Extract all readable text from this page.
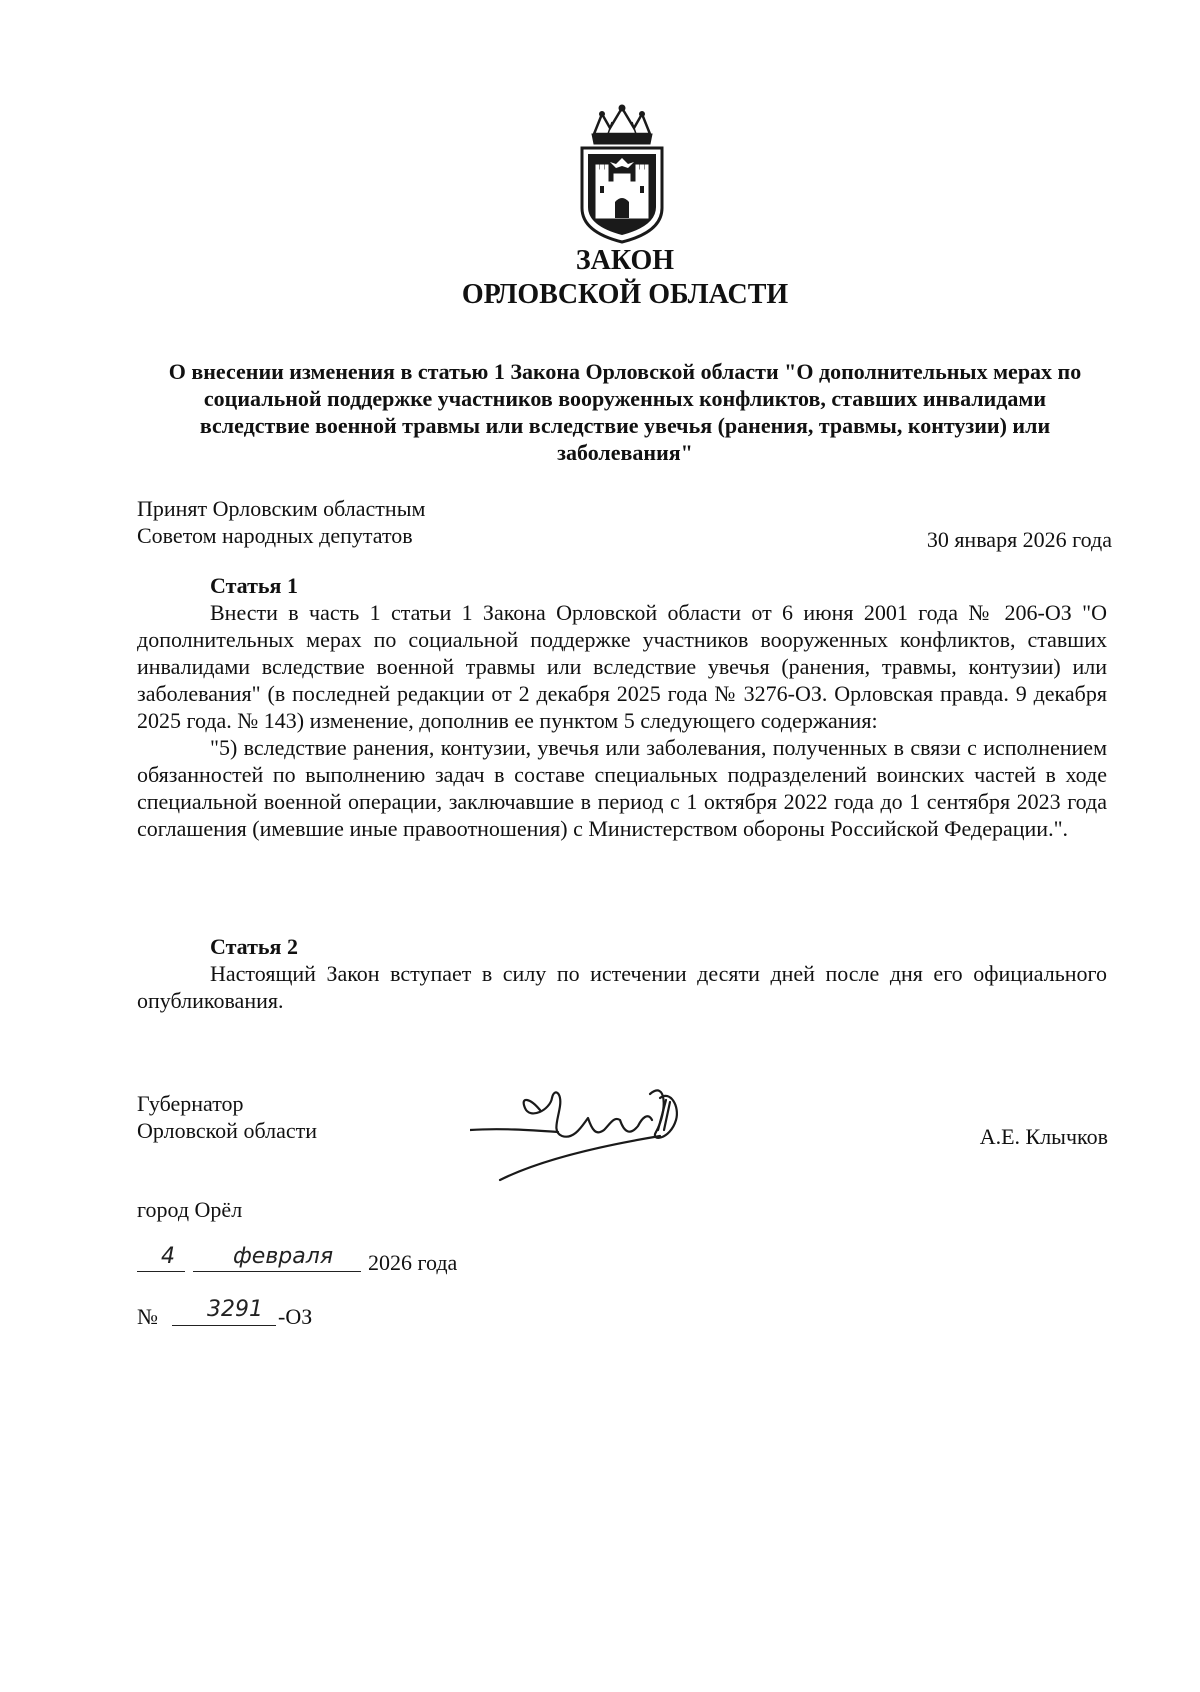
ЗАКОН
ОРЛОВСКОЙ ОБЛАСТИ
О внесении изменения в статью 1 Закона Орловской области "О дополнительных мерах по социальной поддержке участников вооруженных конфликтов, ставших инвалидами вследствие военной травмы или вследствие увечья (ранения, травмы, контузии) или заболевания"
Принят Орловским областным
Советом народных депутатов	30 января 2026 года

Статья 1

Внести в часть 1 статьи 1 Закона Орловской области от 6 июня 2001 года № 206-ОЗ "О дополнительных мерах по социальной поддержке участников вооруженных конфликтов, ставших инвалидами вследствие военной травмы или вследствие увечья (ранения, травмы, контузии) или заболевания" (в последней редакции от 2 декабря 2025 года № 3276-ОЗ. Орловская правда. 9 декабря 2025 года. № 143) изменение, дополнив ее пунктом 5 следующего содержания:

"5) вследствие ранения, контузии, увечья или заболевания, полученных в связи с исполнением обязанностей по выполнению задач в составе специальных подразделений воинских частей в ходе специальной военной операции, заключавшие в период с 1 октября 2022 года до 1 сентября 2023 года соглашения (имевшие иные правоотношения) с Министерством обороны Российской Федерации.".

Статья 2

Настоящий Закон вступает в силу по истечении десяти дней после дня его официального опубликования.

Губернатор
Орловской области	А.Е. Клычков
город Орёл
4	февраля 2026 года
№ 3291 -ОЗ
